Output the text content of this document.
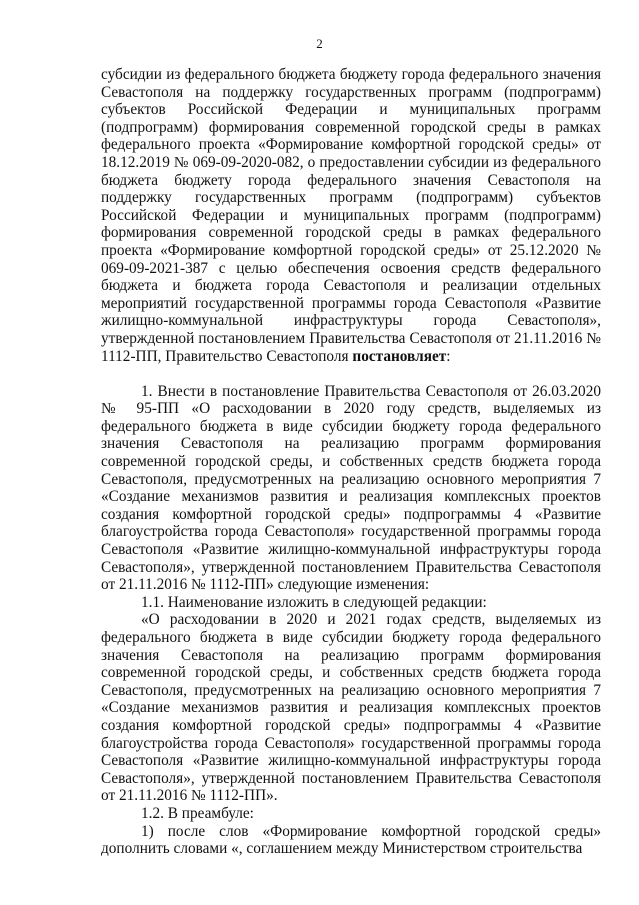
2

субсидии из федерального бюджета бюджету города федерального значения Севастополя на поддержку государственных программ (подпрограмм) субъектов Российской Федерации и муниципальных программ (подпрограмм) формирования современной городской среды в рамках федерального проекта «Формирование комфортной городской среды» от 18.12.2019 № 069-09-2020-082, о предоставлении субсидии из федерального бюджета бюджету города федерального значения Севастополя на поддержку государственных программ (подпрограмм) субъектов Российской Федерации и муниципальных программ (подпрограмм) формирования современной городской среды в рамках федерального проекта «Формирование комфортной городской среды» от 25.12.2020 № 069-09-2021-387 с целью обеспечения освоения средств федерального бюджета и бюджета города Севастополя и реализации отдельных мероприятий государственной программы города Севастополя «Развитие жилищно-коммунальной инфраструктуры города Севастополя», утвержденной постановлением Правительства Севастополя от 21.11.2016 № 1112-ПП, Правительство Севастополя постановляет:

1. Внести в постановление Правительства Севастополя от 26.03.2020 № 95-ПП «О расходовании в 2020 году средств, выделяемых из федерального бюджета в виде субсидии бюджету города федерального значения Севастополя на реализацию программ формирования современной городской среды, и собственных средств бюджета города Севастополя, предусмотренных на реализацию основного мероприятия 7 «Создание механизмов развития и реализация комплексных проектов создания комфортной городской среды» подпрограммы 4 «Развитие благоустройства города Севастополя» государственной программы города Севастополя «Развитие жилищно-коммунальной инфраструктуры города Севастополя», утвержденной постановлением Правительства Севастополя от 21.11.2016 № 1112-ПП» следующие изменения:

1.1. Наименование изложить в следующей редакции:

«О расходовании в 2020 и 2021 годах средств, выделяемых из федерального бюджета в виде субсидии бюджету города федерального значения Севастополя на реализацию программ формирования современной городской среды, и собственных средств бюджета города Севастополя, предусмотренных на реализацию основного мероприятия 7 «Создание механизмов развития и реализация комплексных проектов создания комфортной городской среды» подпрограммы 4 «Развитие благоустройства города Севастополя» государственной программы города Севастополя «Развитие жилищно-коммунальной инфраструктуры города Севастополя», утвержденной постановлением Правительства Севастополя от 21.11.2016 № 1112-ПП».

1.2. В преамбуле:

1) после слов «Формирование комфортной городской среды» дополнить словами «, соглашением между Министерством строительства
